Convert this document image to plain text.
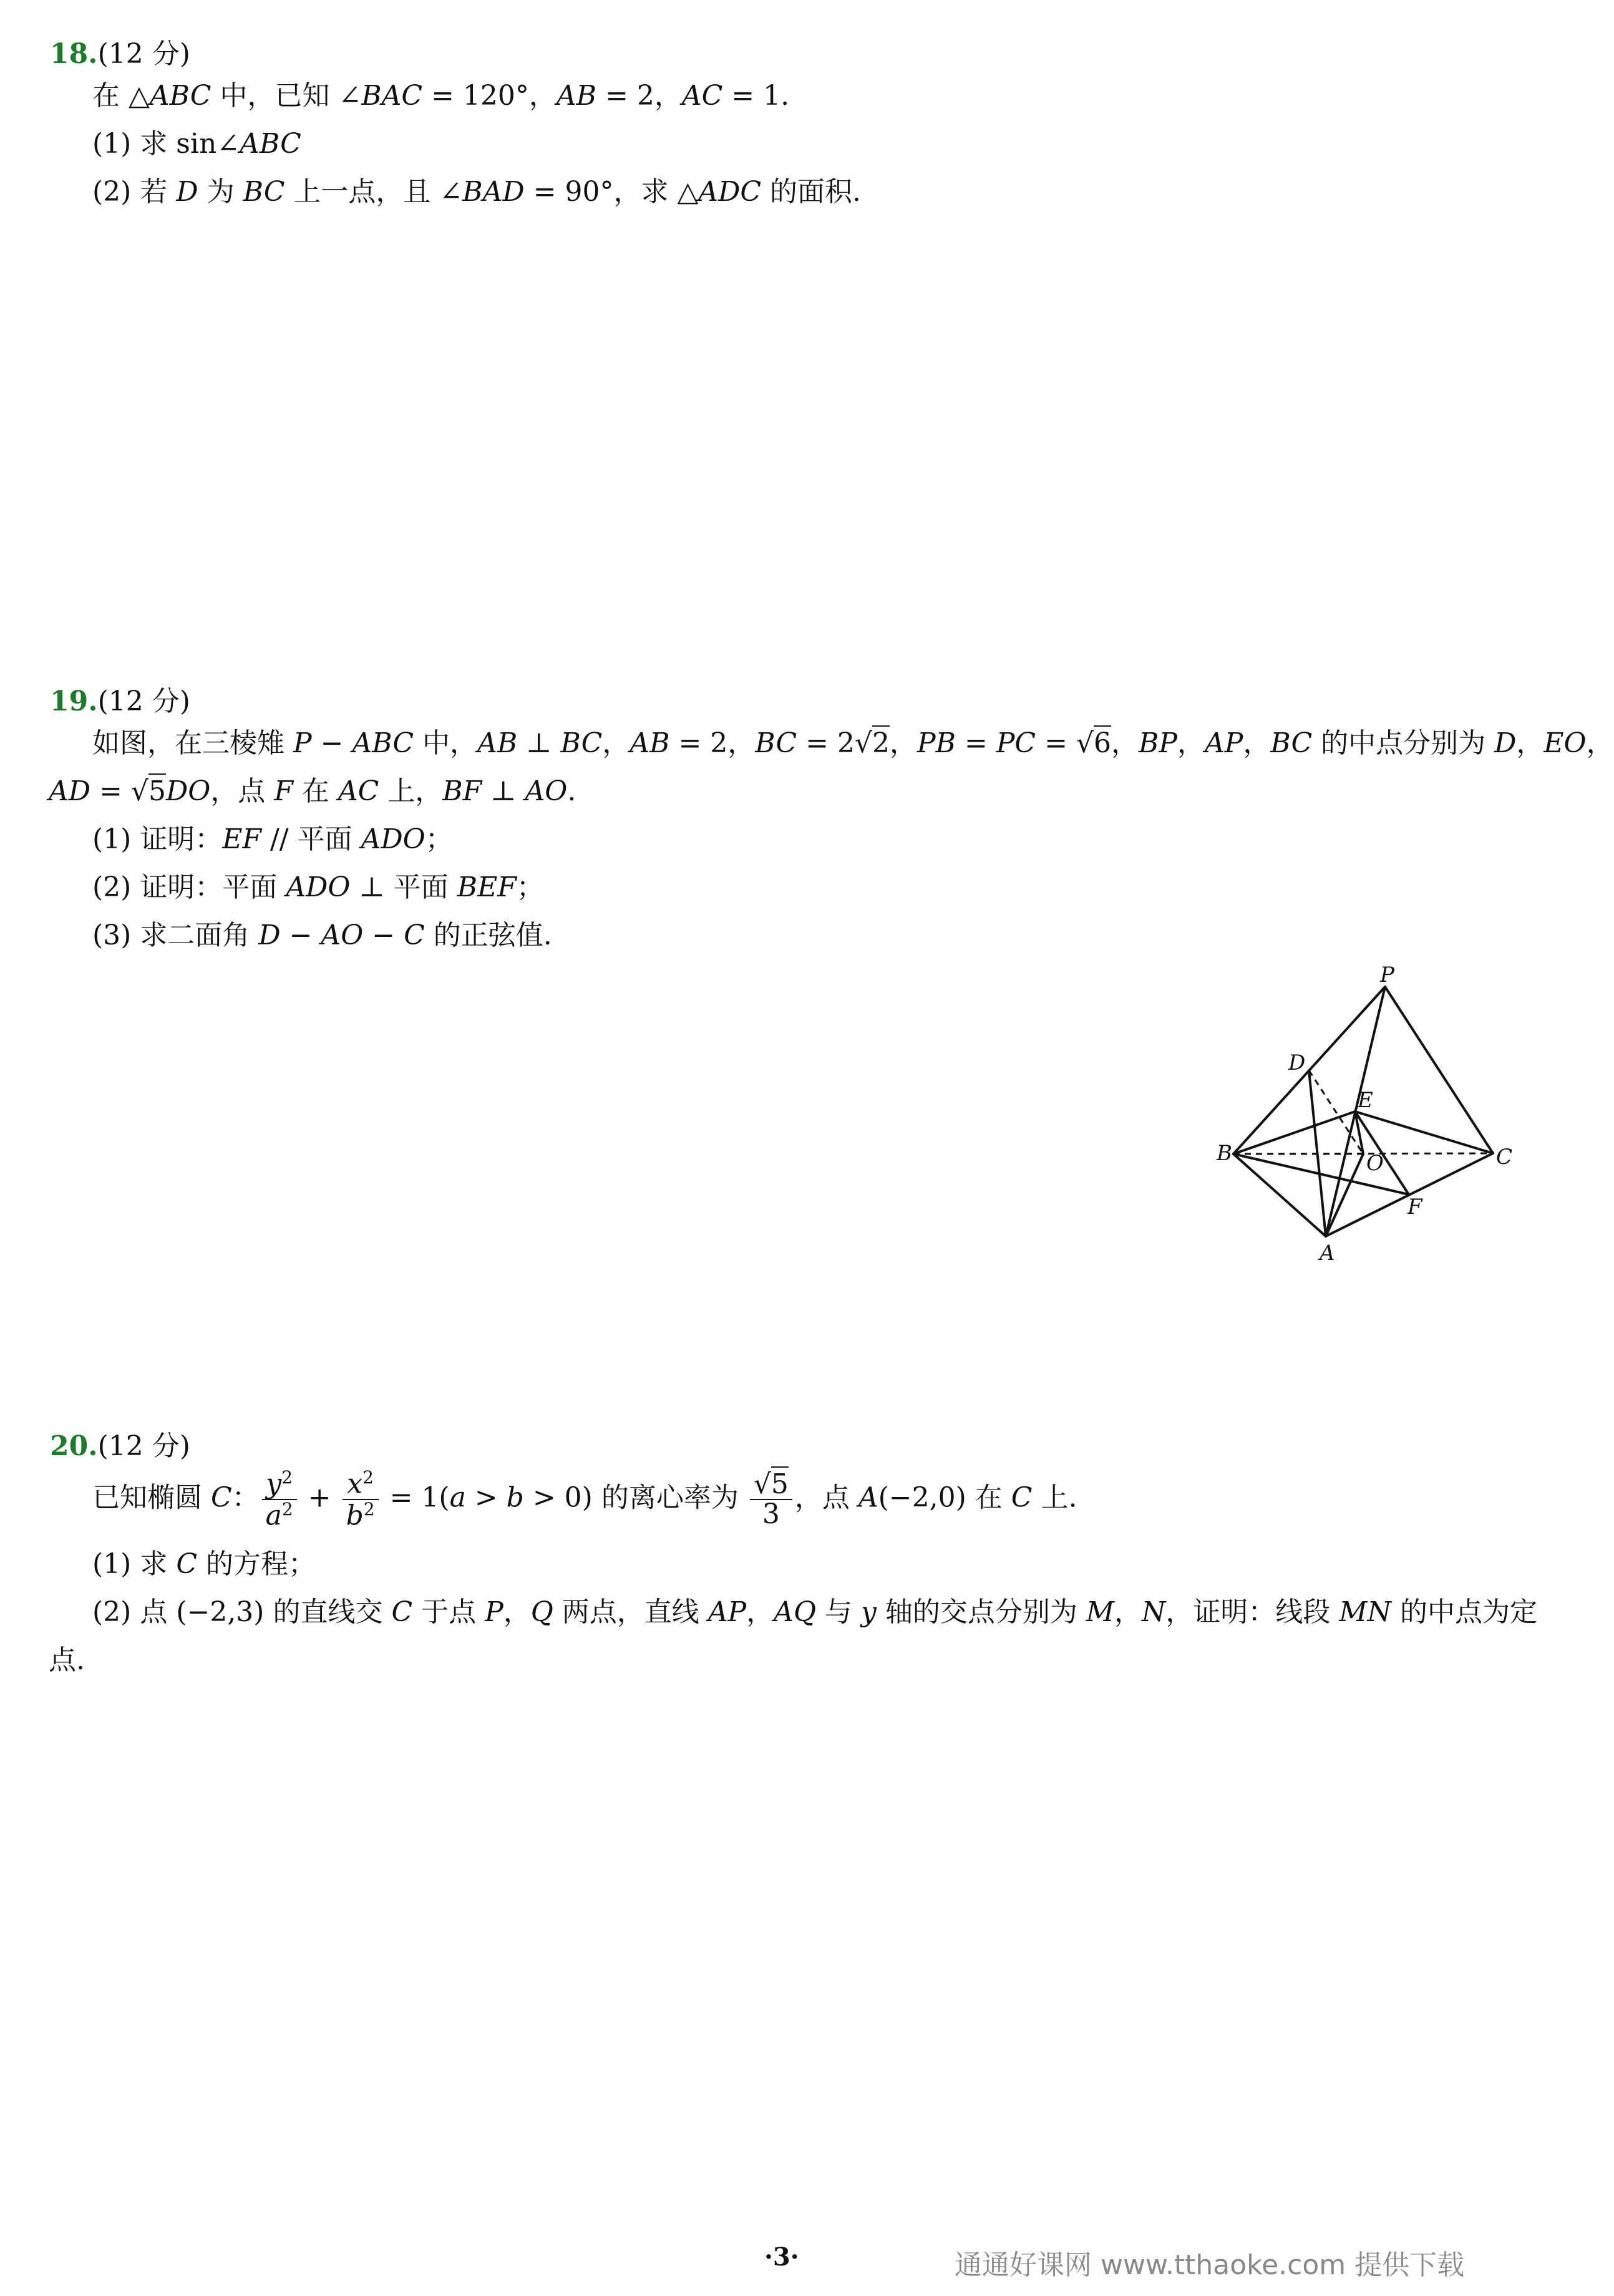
18.(12 分)
在 △ABC 中，已知 ∠BAC = 120°，AB = 2，AC = 1.
(1) 求 sin∠ABC
(2) 若 D 为 BC 上一点，且 ∠BAD = 90°，求 △ADC 的面积.
19.(12 分)
如图，在三棱雉 P − ABC 中，AB ⊥ BC，AB = 2，BC = 2√2，PB = PC = √6，BP，AP，BC 的中点分别为 D，EO，
AD = √5DO，点 F 在 AC 上，BF ⊥ AO.
(1) 证明：EF // 平面 ADO；
(2) 证明：平面 ADO ⊥ 平面 BEF；
(3) 求二面角 D − AO − C 的正弦值.
P
D
E
B	O	C
F
A
20.(12 分)
已知椭圆 C： $\frac{y^2}{a^2} + \frac{x^2}{b^2} = 1(a > b > 0)$ 的离心率为 $\frac{√5}{3}$ ，点 A(−2,0) 在 C 上.
(1) 求 C 的方程；
(2) 点 (−2,3) 的直线交 C 于点 P，Q 两点，直线 AP，AQ 与 y 轴的交点分别为 M，N，证明：线段 MN 的中点为定
点.
·3·	通通好课网 www.tthaoke.com 提供下载
